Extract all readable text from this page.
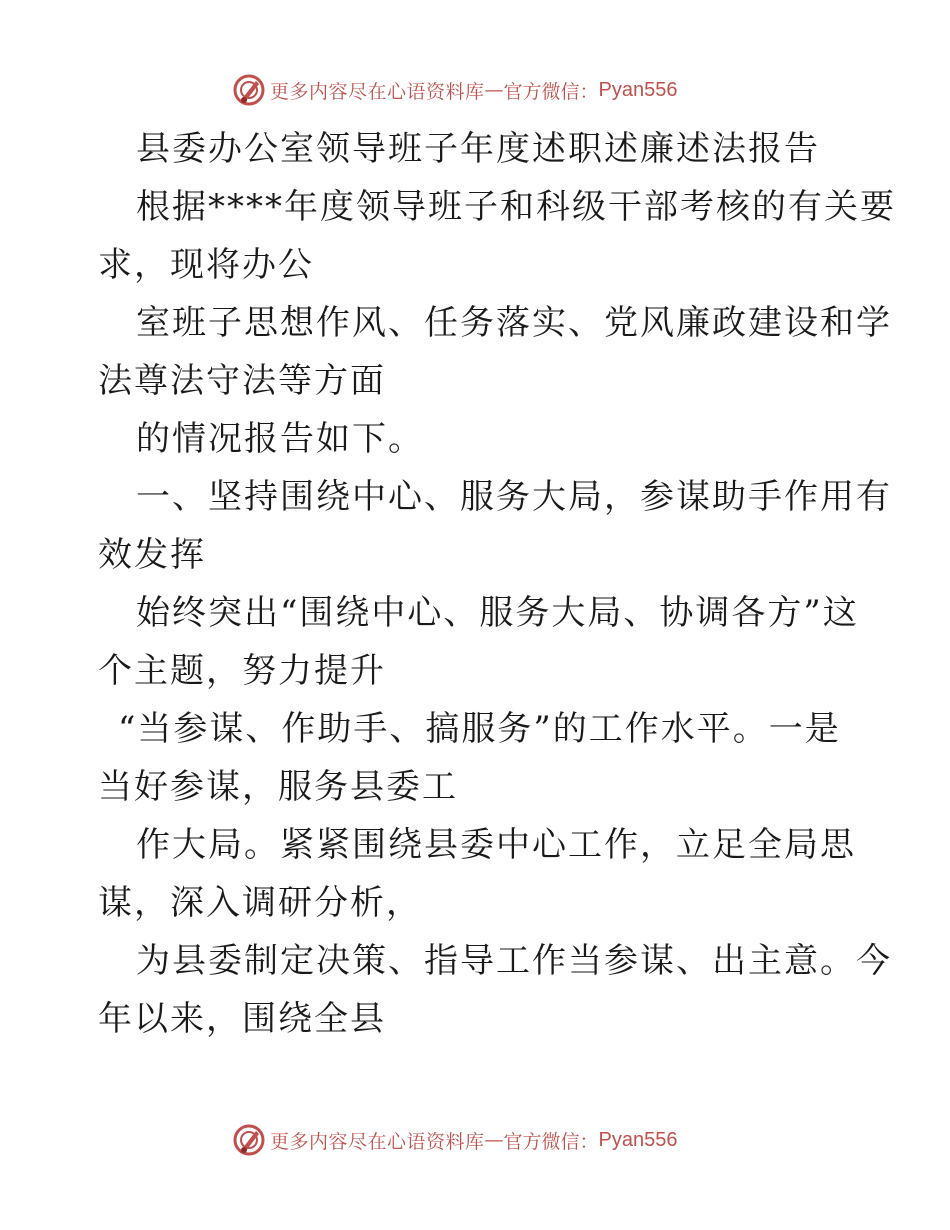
更多内容尽在心语资料库 — 官方微信： Pyan556

县委办公室领导班子年度述职述廉述法报告

根据****年度领导班子和科级干部考核的有关要

求，现将办公

室班子思想作风、任务落实、党风廉政建设和学

法尊法守法等方面

的情况报告如下。

一、坚持围绕中心、服务大局，参谋助手作用有

效发挥

始终突出“围绕中心、服务大局、协调各方”这

个主题，努力提升

“当参谋、作助手、搞服务”的工作水平。一是

当好参谋，服务县委工

作大局。紧紧围绕县委中心工作，立足全局思

谋，深入调研分析，

为县委制定决策、指导工作当参谋、出主意。今

年以来，围绕全县

更多内容尽在心语资料库 — 官方微信： Pyan556
